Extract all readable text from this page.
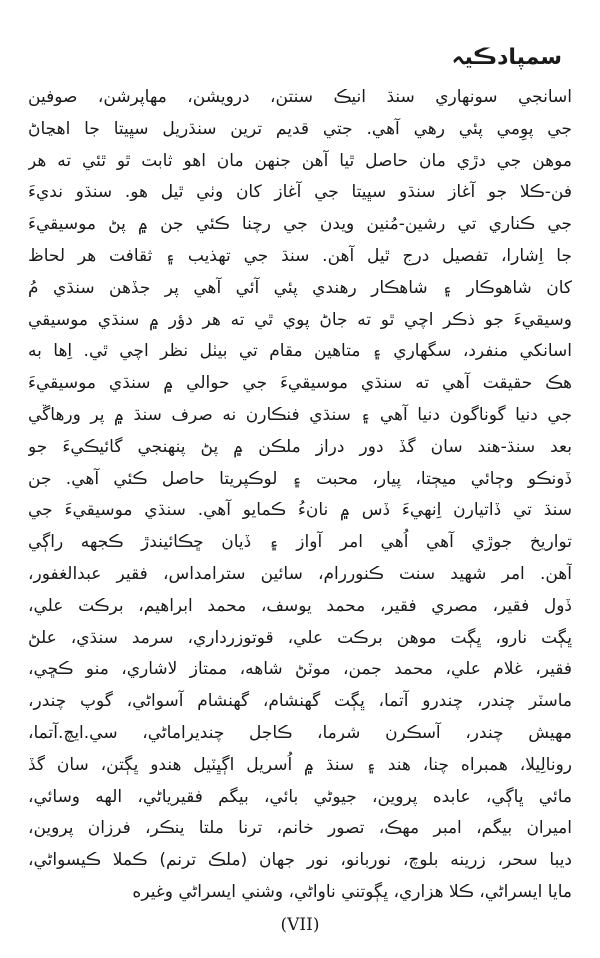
سمپادڪيہ
اسانجي سونهاري سنڌ انيڪ سنتن، درويشن، مهاپرشن، صوفين
جي پوِمي پئي رهي آهي. جتي قديم ترين سنڌريل سڀيتا جا اهڃاڻ
موهن جي دڙي مان حاصل ٿيا آهن جنهن مان اهو ثابت ٿو ٿئي ته هر
فن-ڪلا جو آغاز سنڌو سڀيتا جي آغاز کان وٺي ٿيل هو. سنڌو نديءَ
جي ڪناري تي رشين-مُنين ويدن جي رچنا ڪئي جن ۾ پڻ موسيقيءَ
جا اِشارا، تفصيل درج ٿيل آهن. سنڌ جي تهذيب ۽ ثقافت هر لحاظ
کان شاهوڪار ۽ شاهڪار رهندي پئي آئي آهي پر جڏهن سنڌي مُ
وسيقيءَ جو ذڪر اچي ٿو ته جاڻ پوي ٿي ته هر دؤر ۾ سنڌي موسيقي
اسانکي منفرد، سگهاري ۽ متاهين مقام تي بيٺل نظر اچي ٿي. اِها به
هڪ حقيقت آهي ته سنڌي موسيقيءَ جي حوالي ۾ سنڌي موسيقيءَ
جي دنيا گوناگون دنيا آهي ۽ سنڌي فنڪارن نه صرف سنڌ ۾ پر ورهاڱي
بعد سنڌ-هند سان گڏ دور دراز ملڪن ۾ پڻ پنهنجي گائيڪيءَ جو
ڏونڪو وڄائي ميڄتا، پيار، محبت ۽ لوڪپريتا حاصل ڪئي آهي. جن
سنڌ تي ڏاتيارن اِنهيءَ ڏس ۾ نانءُ ڪمايو آهي. سنڌي موسيقيءَ جي
تواريخ جوڙي آهي اُهي امر آواز ۽ ڏيان ڇڪائيندڙ ڪجهه راڳي
آهن. امر شهيد سنت ڪنوررام، سائين سترامداس، فقير عبدالغفور،
ڏول فقير، مصري فقير، محمد يوسف، محمد ابراهيم، برڪت علي،
ڀڳت نارو، ڀڳت موهن برڪت علي، قوتوزرداري، سرمد سنڌي، علڻ
فقير، غلام علي، محمد جمن، موٽڻ شاهه، ممتاز لاشاري، منو ڪڇي،
ماسٽر چندر، چندرو آتما، ڀڳت گهنشام، گهنشام آسواڻي، گوپ چندر،
مهيش چندر، آسڪرن شرما، ڪاجل چنديراماڻي، سي.ايچ.آتما،
رونالِيلا، همبراه چنا، هند ۽ سنڌ ۾ اُسريل اڳڀٽيل هندو ڀڳتن، سان گڏ
مائي ڀاڳي، عابده پروين، جيوڻي بائي، بيگم فقيرياڻي، الهه وسائي،
اميران بيگم، امبر مهڪ، تصور خانم، ترنا ملتا ينڪر، فرزان پروين،
ديبا سحر، زرينه بلوچ، نوربانو، نور جهان (ملڪ ترنم) ڪملا ڪيسواڻي،
مايا ايسراڻي، ڪلا هزاري، ڀڳوتني ناواڻي، وشني ايسراڻي وغيره
(VII)
